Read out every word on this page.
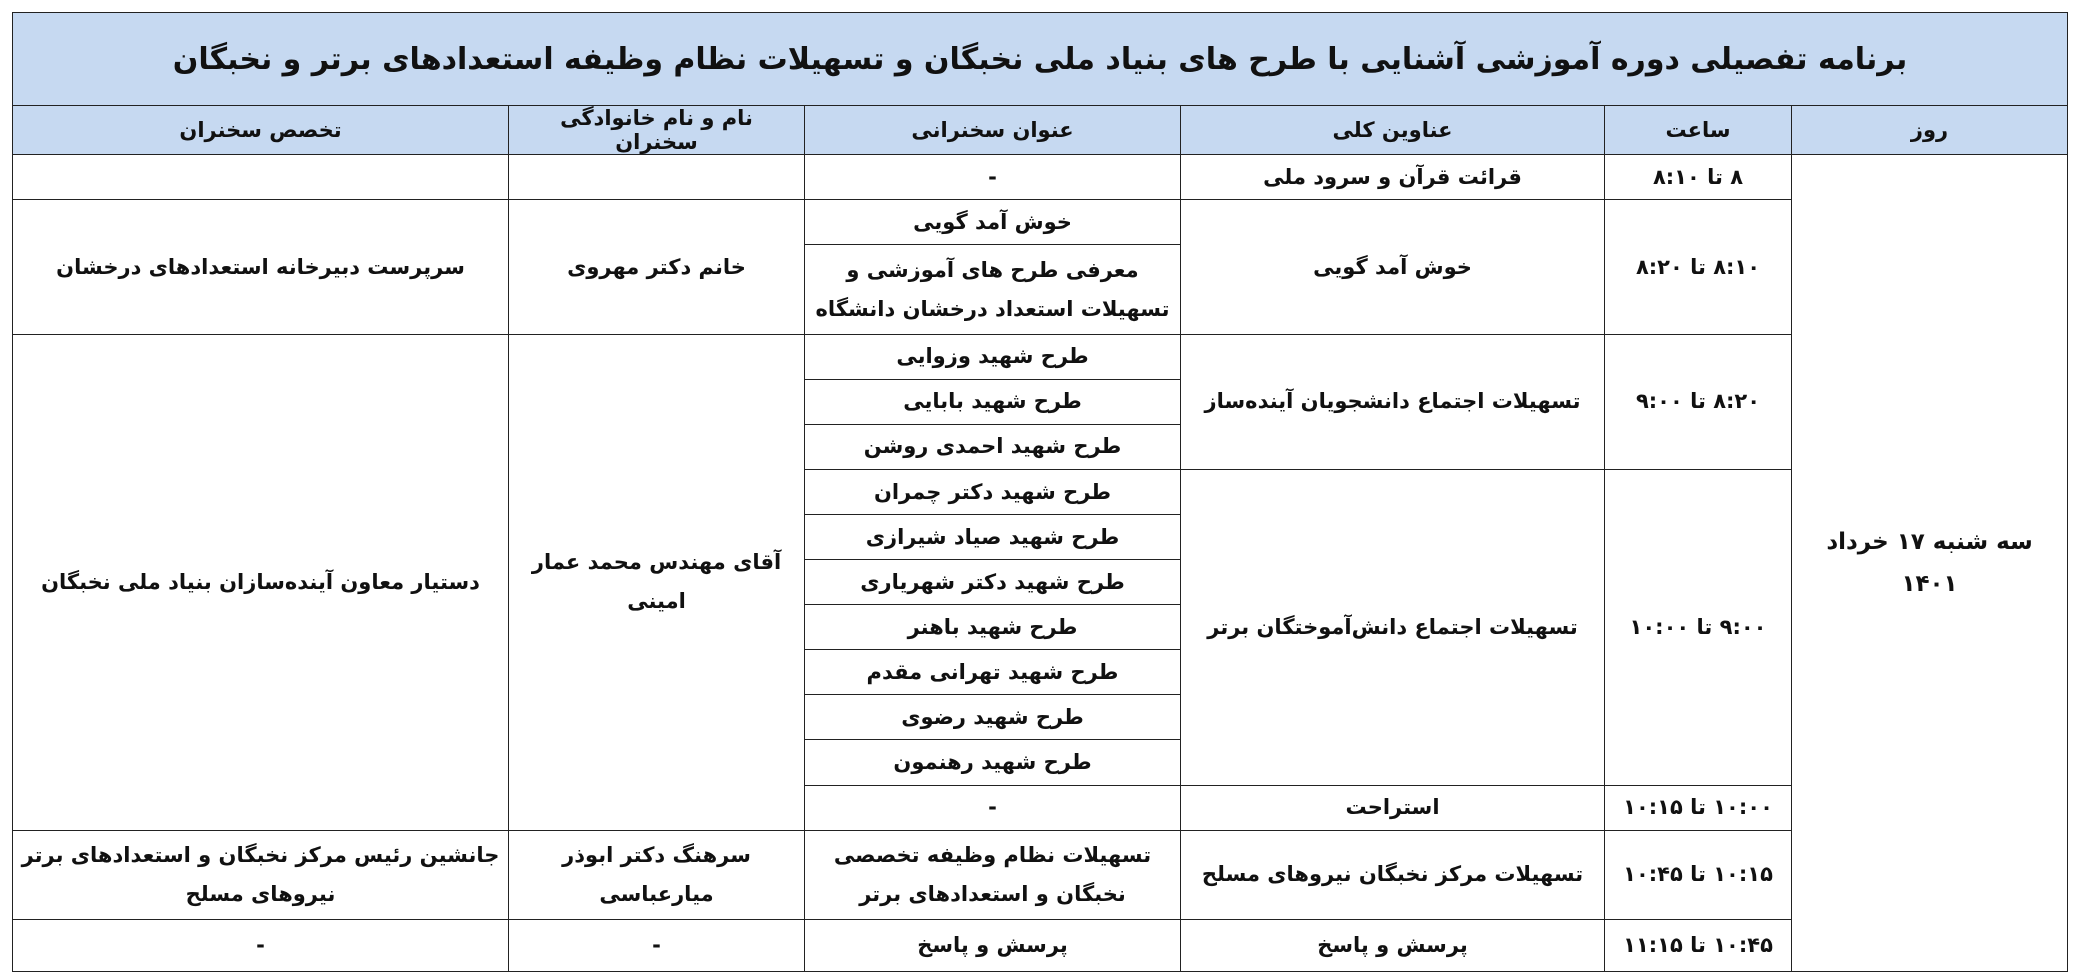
برنامه تفصیلی دوره آموزشی آشنایی با طرح های بنیاد ملی نخبگان و تسهیلات نظام وظیفه استعدادهای برتر و نخبگان					
روز	ساعت	عناوین کلی	عنوان سخنرانی	نام و نام خانوادگی سخنران	تخصص سخنران
سه شنبه ۱۷ خرداد ۱۴۰۱	۸ تا ۸:۱۰	قرائت قرآن و سرود ملی	-		
	۸:۱۰ تا ۸:۲۰	خوش آمد گویی	خوش آمد گویی	خانم دکتر مهروی	سرپرست دبیرخانه استعدادهای درخشان
			معرفی طرح های آموزشی و تسهیلات استعداد درخشان دانشگاه		
	۸:۲۰ تا ۹:۰۰	تسهیلات اجتماع دانشجویان آینده‌ساز	طرح شهید وزوایی	آقای مهندس محمد عمار امینی	دستیار معاون آینده‌سازان بنیاد ملی نخبگان
			طرح شهید بابایی		
			طرح شهید احمدی روشن		
	۹:۰۰ تا ۱۰:۰۰	تسهیلات اجتماع دانش‌آموختگان برتر	طرح شهید دکتر چمران		
			طرح شهید صیاد شیرازی		
			طرح شهید دکتر شهریاری		
			طرح شهید باهنر		
			طرح شهید تهرانی مقدم		
			طرح شهید رضوی		
			طرح شهید رهنمون		
	۱۰:۰۰ تا ۱۰:۱۵	استراحت	-		
	۱۰:۱۵ تا ۱۰:۴۵	تسهیلات مرکز نخبگان نیروهای مسلح	تسهیلات نظام وظیفه تخصصی نخبگان و استعدادهای برتر	سرهنگ دکتر ابوذر میارعباسی	جانشین رئیس مرکز نخبگان و استعدادهای برتر نیروهای مسلح
	۱۰:۴۵ تا ۱۱:۱۵	پرسش و پاسخ	پرسش و پاسخ	-	-
